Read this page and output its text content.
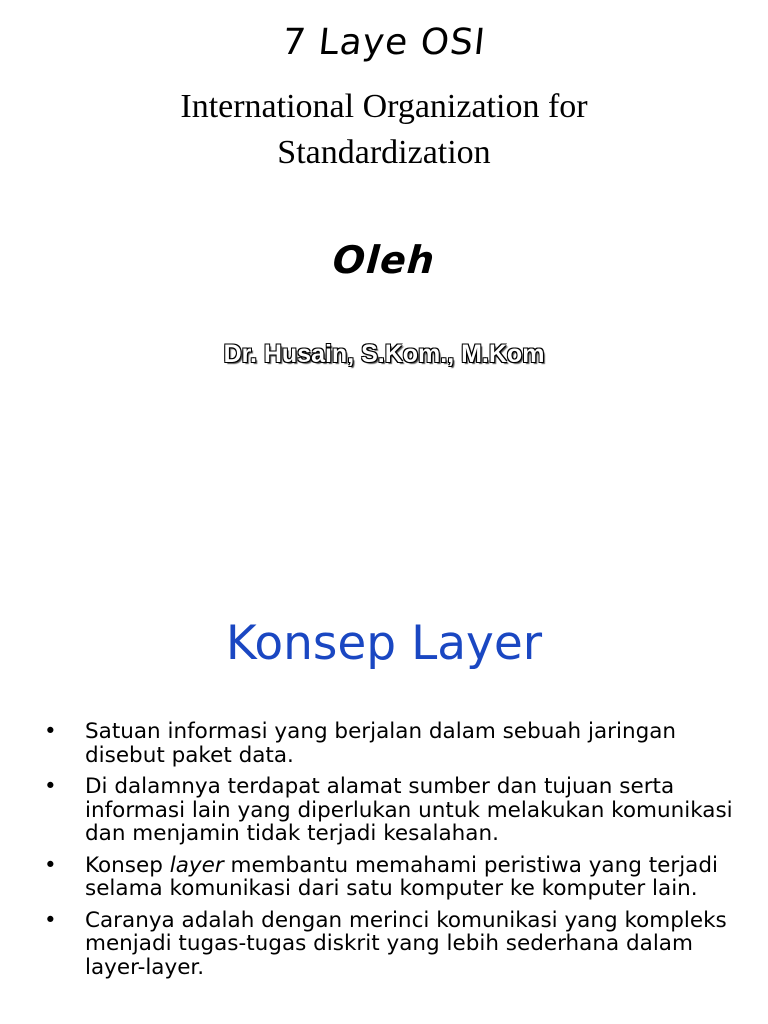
7 Laye OSI
International Organization for
Standardization
Oleh
Dr. Husain, S.Kom., M.Kom
Konsep Layer
• Satuan informasi yang berjalan dalam sebuah jaringan disebut paket data.
• Di dalamnya terdapat alamat sumber dan tujuan serta informasi lain yang diperlukan untuk melakukan komunikasi dan menjamin tidak terjadi kesalahan.
• Konsep layer membantu memahami peristiwa yang terjadi selama komunikasi dari satu komputer ke komputer lain.
• Caranya adalah dengan merinci komunikasi yang kompleks menjadi tugas-tugas diskrit yang lebih sederhana dalam layer-layer.
